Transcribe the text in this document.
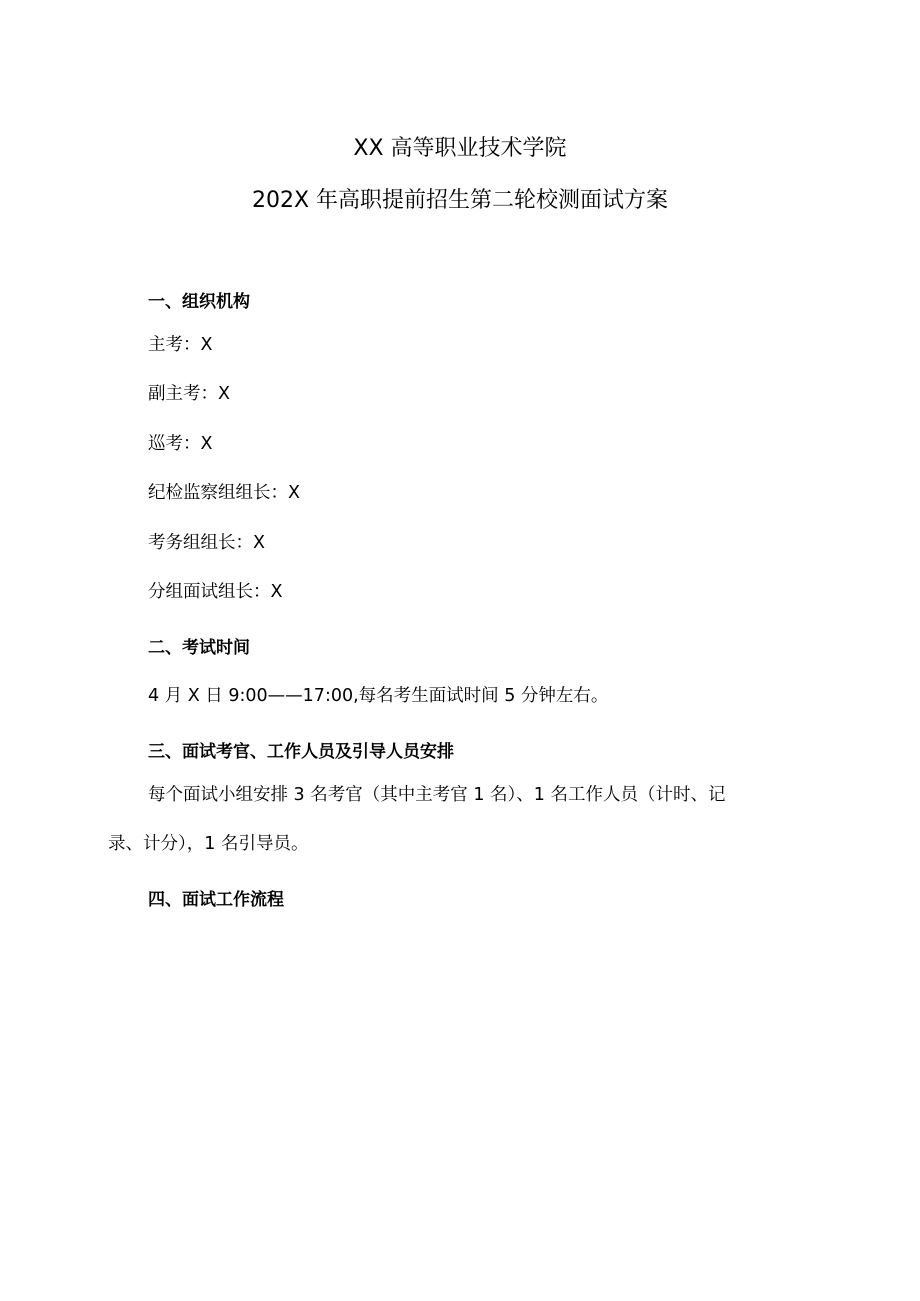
XX 高等职业技术学院
202X 年高职提前招生第二轮校测面试方案
一、组织机构
主考：X
副主考：X
巡考：X
纪检监察组组长：X
考务组组长：X
分组面试组长：X
二、考试时间
4 月 X 日 9:00——17:00,每名考生面试时间 5 分钟左右。
三、面试考官、工作人员及引导人员安排
每个面试小组安排 3 名考官（其中主考官 1 名）、1 名工作人员（计时、记
录、计分），1 名引导员。
四、面试工作流程
